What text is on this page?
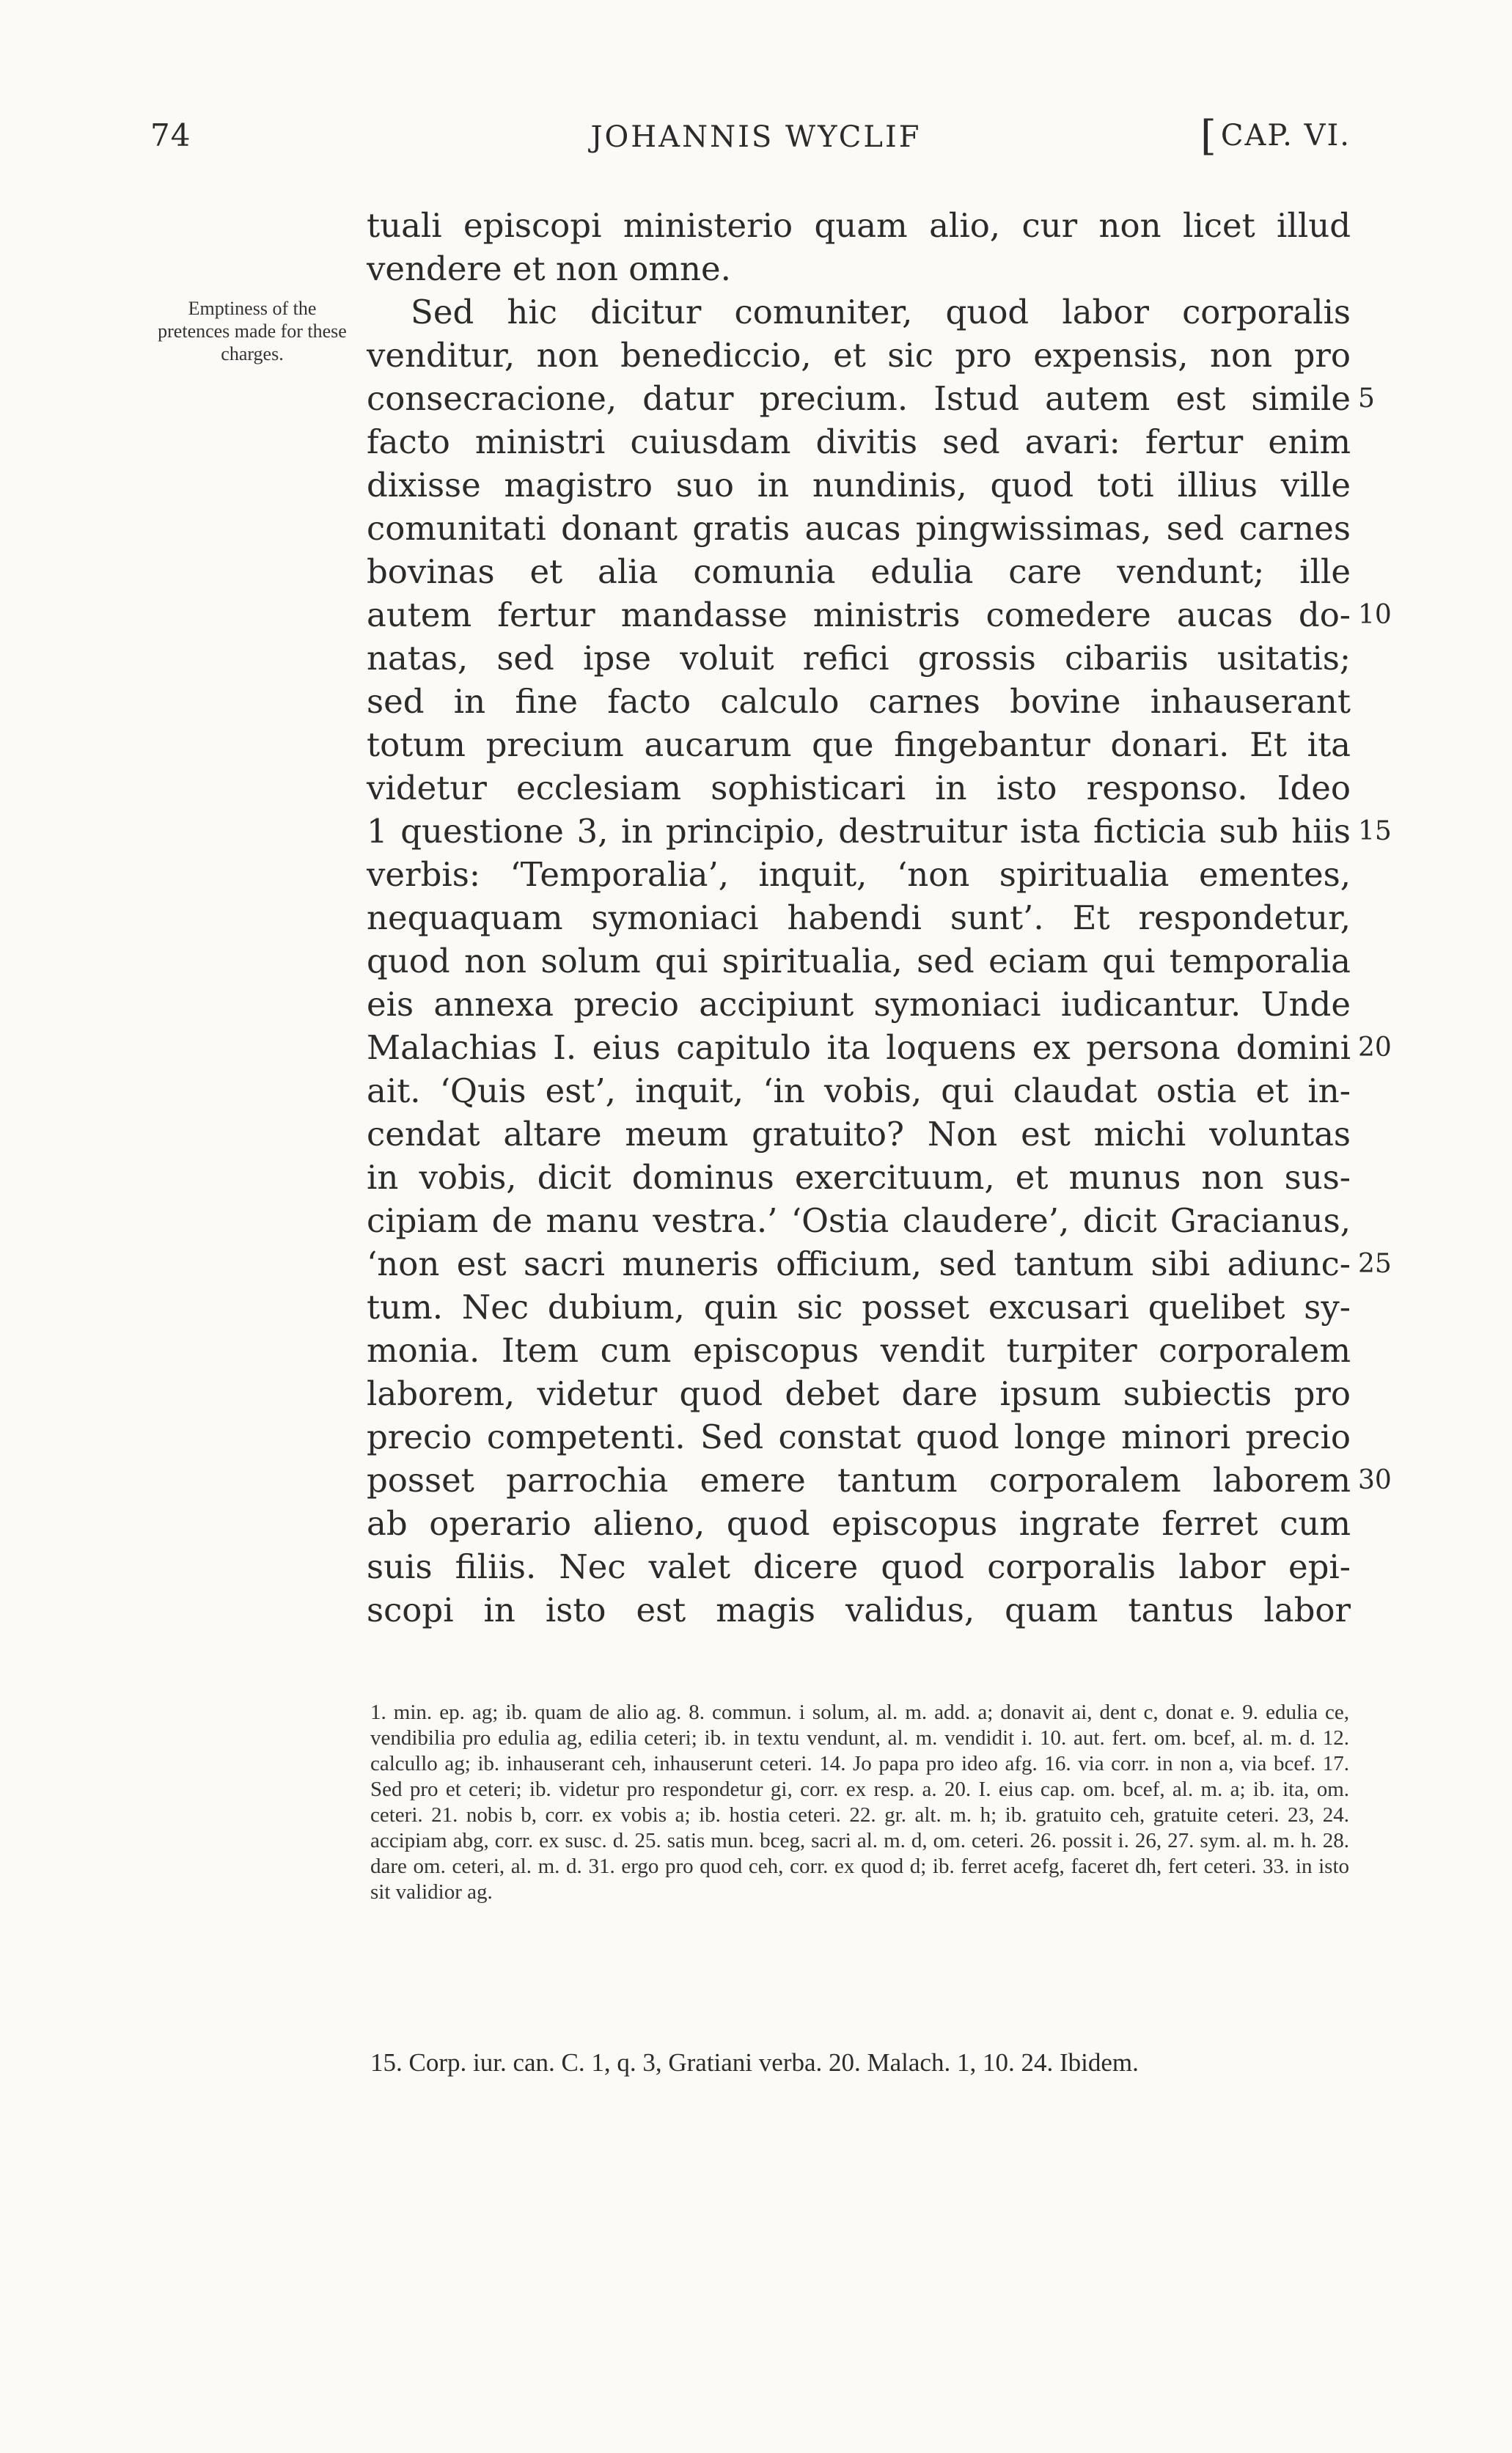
74	JOHANNIS WYCLIF	[ CAP. VI.
Emptiness of the pretences made for these charges.
tuali episcopi ministerio quam alio, cur non licet illud
vendere et non omne.
Sed hic dicitur comuniter, quod labor corporalis
venditur, non benediccio, et sic pro expensis, non pro
consecracione, datur precium. Istud autem est simile 5
facto ministri cuiusdam divitis sed avari: fertur enim
dixisse magistro suo in nundinis, quod toti illius ville
comunitati donant gratis aucas pingwissimas, sed carnes
bovinas et alia comunia edulia care vendunt; ille
autem fertur mandasse ministris comedere aucas do- 10
natas, sed ipse voluit refici grossis cibariis usitatis;
sed in fine facto calculo carnes bovine inhauserant
totum precium aucarum que fingebantur donari. Et ita
videtur ecclesiam sophisticari in isto responso. Ideo
1 questione 3, in principio, destruitur ista ficticia sub hiis 15
verbis: ‘Temporalia’, inquit, ‘non spiritualia ementes,
nequaquam symoniaci habendi sunt’. Et respondetur,
quod non solum qui spiritualia, sed eciam qui temporalia
eis annexa precio accipiunt symoniaci iudicantur. Unde
Malachias I. eius capitulo ita loquens ex persona domini 20
ait. ‘Quis est’, inquit, ‘in vobis, qui claudat ostia et in-
cendat altare meum gratuito? Non est michi voluntas
in vobis, dicit dominus exercituum, et munus non sus-
cipiam de manu vestra.’ ‘Ostia claudere’, dicit Gracianus,
‘non est sacri muneris officium, sed tantum sibi adiunc- 25
tum. Nec dubium, quin sic posset excusari quelibet sy-
monia. Item cum episcopus vendit turpiter corporalem
laborem, videtur quod debet dare ipsum subiectis pro
precio competenti. Sed constat quod longe minori precio
posset parrochia emere tantum corporalem laborem 30
ab operario alieno, quod episcopus ingrate ferret cum
suis filiis. Nec valet dicere quod corporalis labor epi-
scopi in isto est magis validus, quam tantus labor
1. min. ep. ag; ib. quam de alio ag. 8. commun. i solum, al. m. add. a; donavit ai, dent c, donat e. 9. edulia ce, vendibilia pro edulia ag, edilia ceteri; ib. in textu vendunt, al. m. vendidit i. 10. aut. fert. om. bcef, al. m. d. 12. calcullo ag; ib. inhauserant ceh, inhauserunt ceteri. 14. Jo papa pro ideo afg. 16. via corr. in non a, via bcef. 17. Sed pro et ceteri; ib. videtur pro respondetur gi, corr. ex resp. a. 20. I. eius cap. om. bcef, al. m. a; ib. ita, om. ceteri. 21. nobis b, corr. ex vobis a; ib. hostia ceteri. 22. gr. alt. m. h; ib. gratuito ceh, gratuite ceteri. 23, 24. accipiam abg, corr. ex susc. d. 25. satis mun. bceg, sacri al. m. d, om. ceteri. 26. possit i. 26, 27. sym. al. m. h. 28. dare om. ceteri, al. m. d. 31. ergo pro quod ceh, corr. ex quod d; ib. ferret acefg, faceret dh, fert ceteri. 33. in isto sit validior ag.
15. Corp. iur. can. C. 1, q. 3, Gratiani verba. 20. Malach. 1, 10. 24. Ibidem.
